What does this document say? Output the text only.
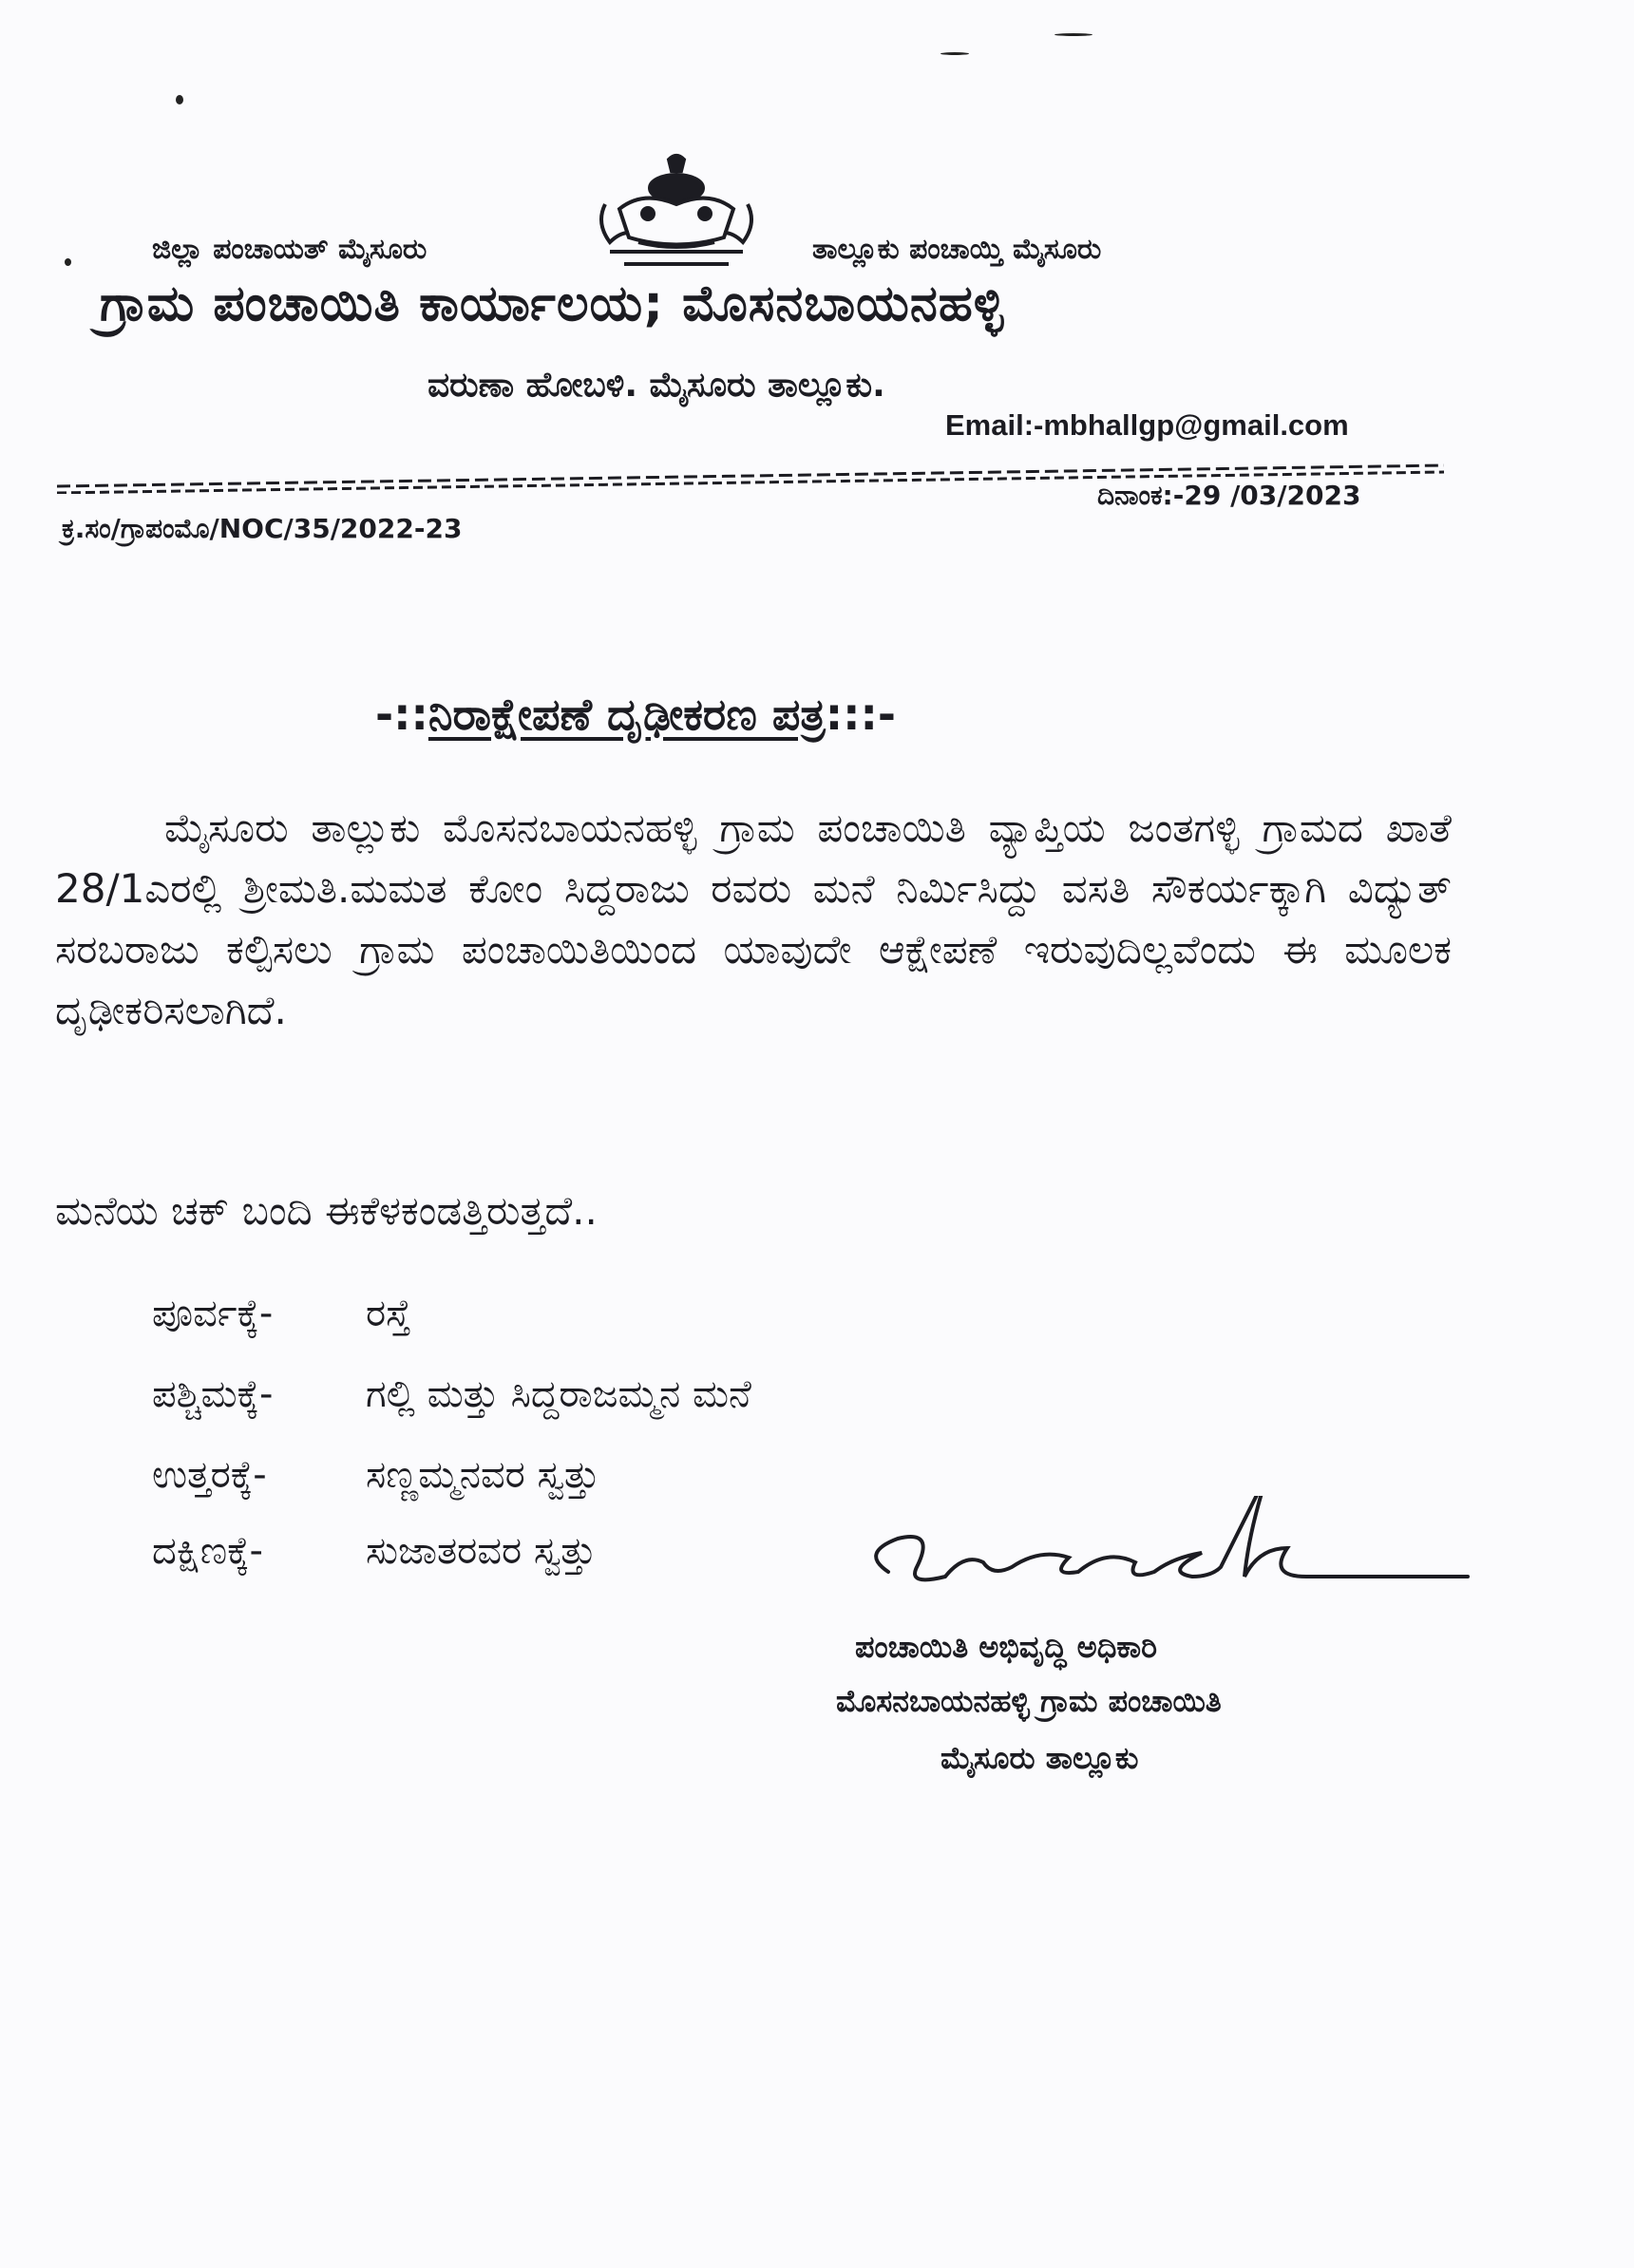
ಜಿಲ್ಲಾ ಪಂಚಾಯತ್ ಮೈಸೂರು	ತಾಲ್ಲೂಕು ಪಂಚಾಯ್ತಿ ಮೈಸೂರು
ಗ್ರಾಮ ಪಂಚಾಯಿತಿ ಕಾರ್ಯಾಲಯ; ಮೊಸನಬಾಯನಹಳ್ಳಿ
ವರುಣಾ ಹೋಬಳಿ. ಮೈಸೂರು ತಾಲ್ಲೂಕು.
Email:-mbhallgp@gmail.com
ಕ್ರ.ಸಂ/ಗ್ರಾಪಂಮೊ/NOC/35/2022-23
ದಿನಾಂಕ:-29 /03/2023
-::ನಿರಾಕ್ಷೇಪಣೆ ದೃಢೀಕರಣ ಪತ್ರ:::-
ಮೈಸೂರು ತಾಲ್ಲುಕು ಮೊಸನಬಾಯನಹಳ್ಳಿ ಗ್ರಾಮ ಪಂಚಾಯಿತಿ ವ್ಯಾಪ್ತಿಯ ಜಂತಗಳ್ಳಿ ಗ್ರಾಮದ ಖಾತೆ 28/1ಎರಲ್ಲಿ ಶ್ರೀಮತಿ.ಮಮತ ಕೋಂ ಸಿದ್ದರಾಜು ರವರು ಮನೆ ನಿರ್ಮಿಸಿದ್ದು ವಸತಿ ಸೌಕರ್ಯಕ್ಕಾಗಿ ವಿದ್ಯುತ್ ಸರಬರಾಜು ಕಲ್ಪಿಸಲು ಗ್ರಾಮ ಪಂಚಾಯಿತಿಯಿಂದ ಯಾವುದೇ ಆಕ್ಷೇಪಣೆ ಇರುವುದಿಲ್ಲವೆಂದು ಈ ಮೂಲಕ ದೃಢೀಕರಿಸಲಾಗಿದೆ.
ಮನೆಯ ಚಕ್ ಬಂದಿ ಈಕೆಳಕಂಡತ್ತಿರುತ್ತದೆ..
ಪೂರ್ವಕ್ಕೆ- ರಸ್ತೆ
ಪಶ್ಚಿಮಕ್ಕೆ- ಗಲ್ಲಿ ಮತ್ತು ಸಿದ್ದರಾಜಮ್ಮನ ಮನೆ
ಉತ್ತರಕ್ಕೆ-	ಸಣ್ಣಮ್ಮನವರ ಸ್ವತ್ತು
ದಕ್ಷಿಣಕ್ಕೆ-	ಸುಜಾತರವರ ಸ್ವತ್ತು
ಪಂಚಾಯಿತಿ ಅಭಿವೃದ್ಧಿ ಅಧಿಕಾರಿ
ಮೊಸನಬಾಯನಹಳ್ಳಿ ಗ್ರಾಮ ಪಂಚಾಯಿತಿ
ಮೈಸೂರು ತಾಲ್ಲೂಕು
